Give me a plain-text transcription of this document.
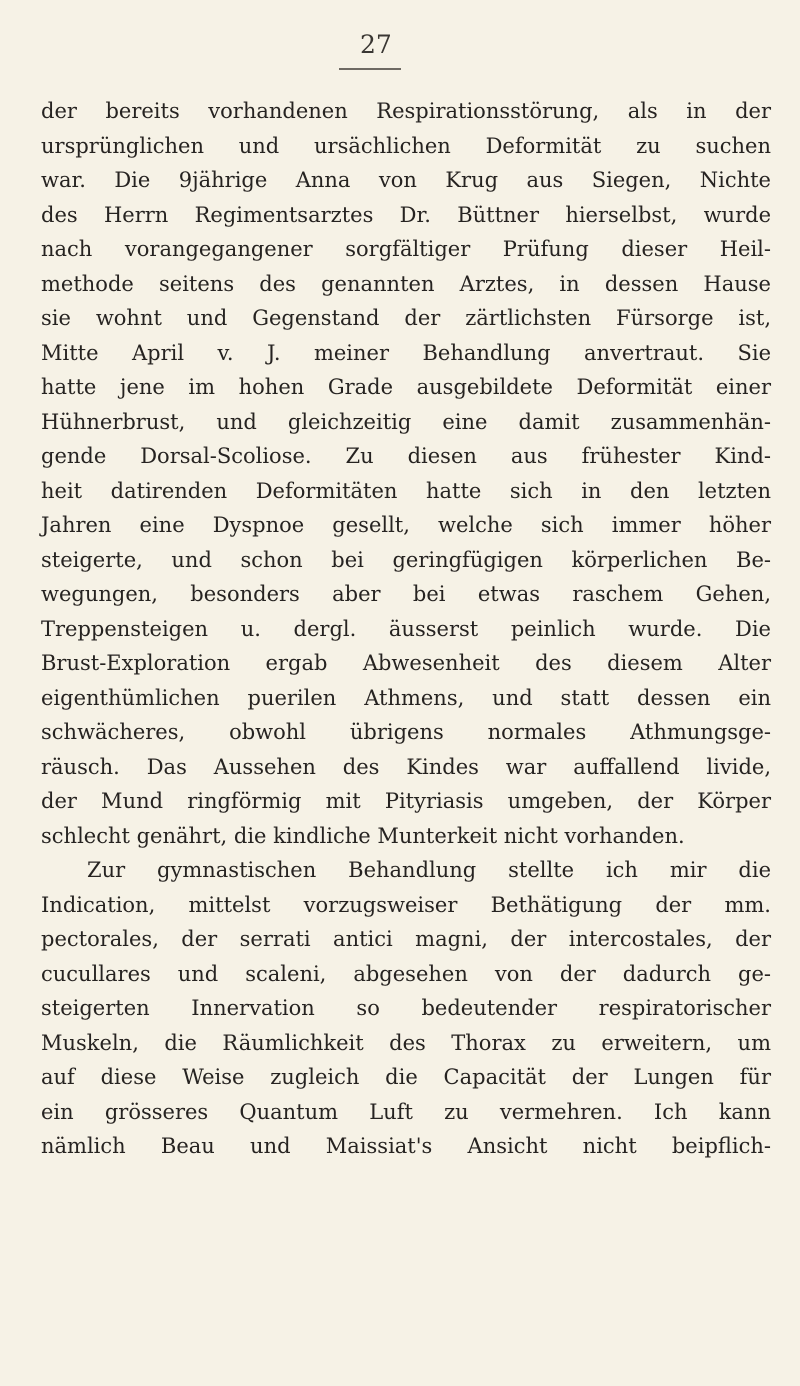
27
der bereits vorhandenen Respirationsstörung, als in der
ursprünglichen und ursächlichen Deformität zu suchen
war. Die 9jährige Anna von Krug aus Siegen, Nichte
des Herrn Regimentsarztes Dr. Büttner hierselbst, wurde
nach vorangegangener sorgfältiger Prüfung dieser Heil-
methode seitens des genannten Arztes, in dessen Hause
sie wohnt und Gegenstand der zärtlichsten Fürsorge ist,
Mitte April v. J. meiner Behandlung anvertraut. Sie
hatte jene im hohen Grade ausgebildete Deformität einer
Hühnerbrust, und gleichzeitig eine damit zusammenhän-
gende Dorsal-Scoliose. Zu diesen aus frühester Kind-
heit datirenden Deformitäten hatte sich in den letzten
Jahren eine Dyspnoe gesellt, welche sich immer höher
steigerte, und schon bei geringfügigen körperlichen Be-
wegungen, besonders aber bei etwas raschem Gehen,
Treppensteigen u. dergl. äusserst peinlich wurde. Die
Brust-Exploration ergab Abwesenheit des diesem Alter
eigenthümlichen puerilen Athmens, und statt dessen ein
schwächeres, obwohl übrigens normales Athmungsge-
räusch. Das Aussehen des Kindes war auffallend livide,
der Mund ringförmig mit Pityriasis umgeben, der Körper
schlecht genährt, die kindliche Munterkeit nicht vorhanden.
Zur gymnastischen Behandlung stellte ich mir die
Indication, mittelst vorzugsweiser Bethätigung der mm.
pectorales, der serrati antici magni, der intercostales, der
cucullares und scaleni, abgesehen von der dadurch ge-
steigerten Innervation so bedeutender respiratorischer
Muskeln, die Räumlichkeit des Thorax zu erweitern, um
auf diese Weise zugleich die Capacität der Lungen für
ein grösseres Quantum Luft zu vermehren. Ich kann
nämlich Beau und Maissiat's Ansicht nicht beipflich-
